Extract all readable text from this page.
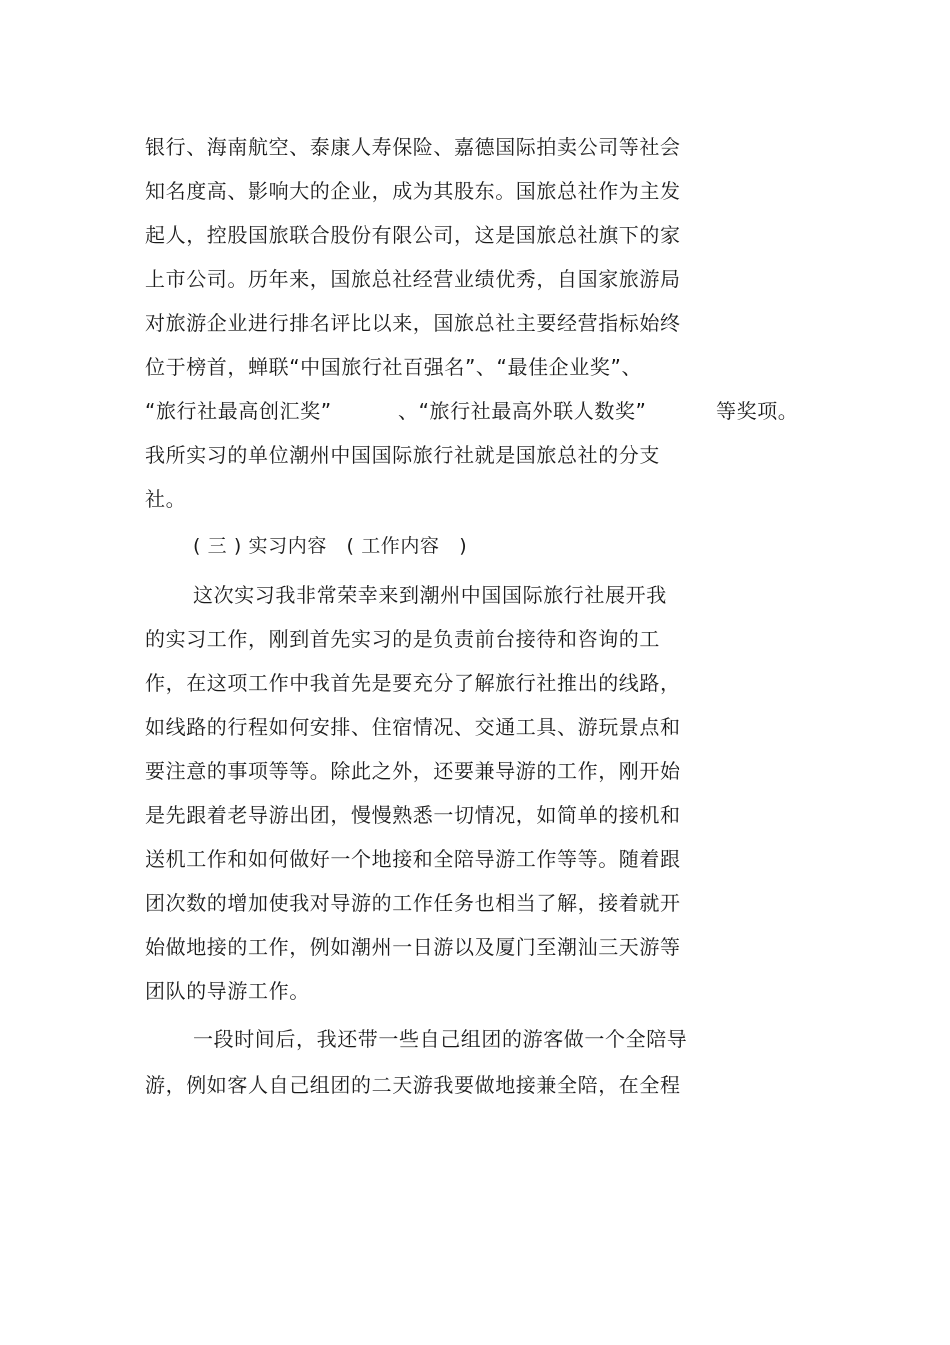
银行、海南航空、泰康人寿保险、嘉德国际拍卖公司等社会
知名度高、影响大的企业，成为其股东。国旅总社作为主发
起人，控股国旅联合股份有限公司，这是国旅总社旗下的家
上市公司。历年来，国旅总社经营业绩优秀，自国家旅游局
对旅游企业进行排名评比以来，国旅总社主要经营指标始终
位于榜首，蝉联“中国旅行社百强名”、“最佳企业奖”、
“旅行社最高创汇奖”	、“旅行社最高外联人数奖”	等奖项。
我所实习的单位潮州中国国际旅行社就是国旅总社的分支
社。
( 三 ) 实习内容　( 工作内容　)
这次实习我非常荣幸来到潮州中国国际旅行社展开我
的实习工作，刚到首先实习的是负责前台接待和咨询的工
作，在这项工作中我首先是要充分了解旅行社推出的线路，
如线路的行程如何安排、住宿情况、交通工具、游玩景点和
要注意的事项等等。除此之外，还要兼导游的工作，刚开始
是先跟着老导游出团，慢慢熟悉一切情况，如简单的接机和
送机工作和如何做好一个地接和全陪导游工作等等。随着跟
团次数的增加使我对导游的工作任务也相当了解，接着就开
始做地接的工作，例如潮州一日游以及厦门至潮汕三天游等
团队的导游工作。
一段时间后，我还带一些自己组团的游客做一个全陪导
游，例如客人自己组团的二天游我要做地接兼全陪，在全程
